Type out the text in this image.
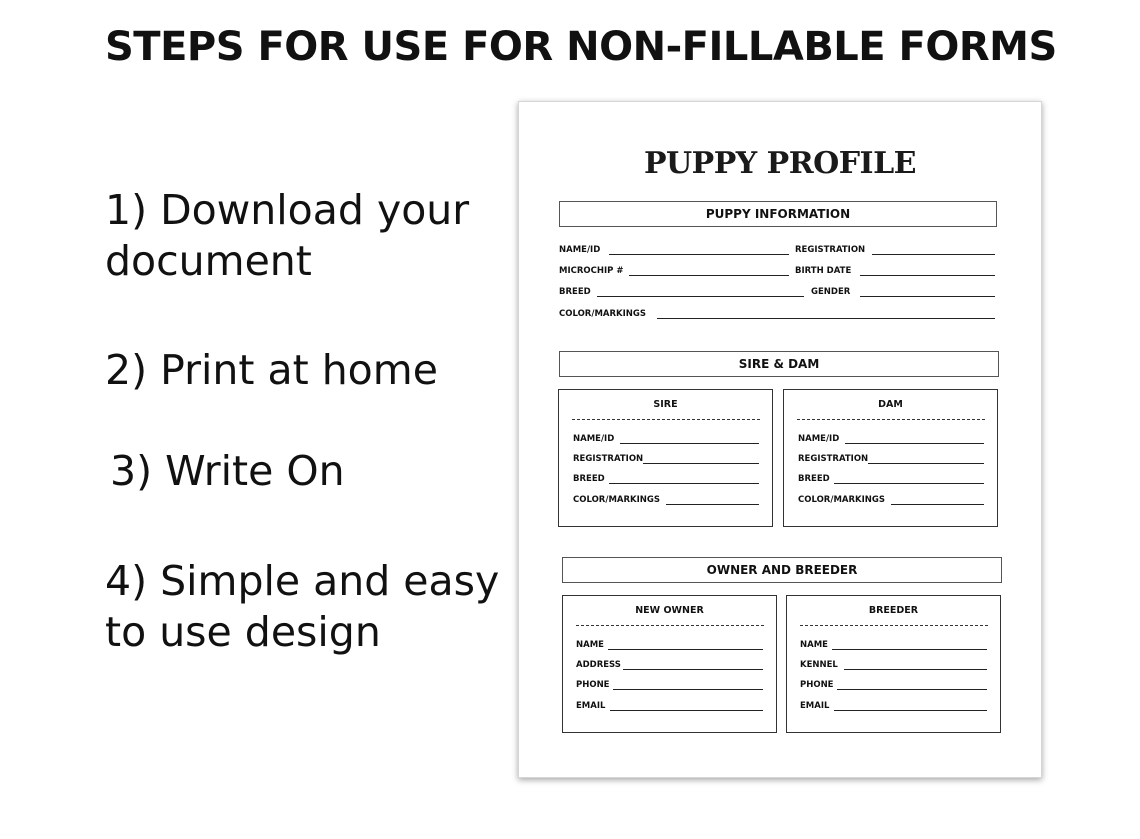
STEPS FOR USE FOR NON-FILLABLE FORMS
1) Download your document
2) Print at home
3) Write On
4) Simple and easy to use design
PUPPY PROFILE
PUPPY INFORMATION
NAME/ID	REGISTRATION
MICROCHIP #	BIRTH DATE
BREED	GENDER
COLOR/MARKINGS
SIRE & DAM
SIRE
NAME/ID
REGISTRATION
BREED
COLOR/MARKINGS
DAM
NAME/ID
REGISTRATION
BREED
COLOR/MARKINGS
OWNER AND BREEDER
NEW OWNER
NAME
ADDRESS
PHONE
EMAIL
BREEDER
NAME
KENNEL
PHONE
EMAIL
